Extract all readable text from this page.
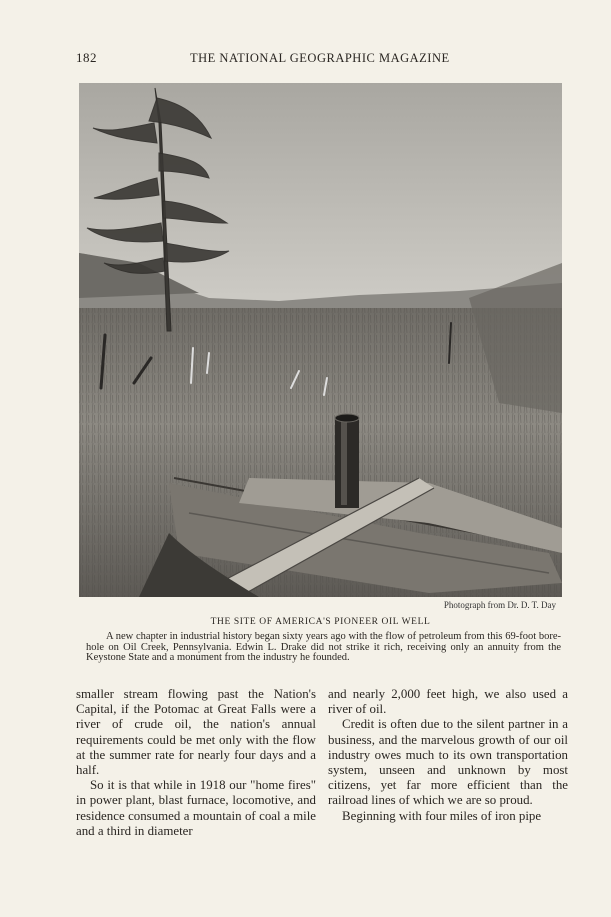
182	THE NATIONAL GEOGRAPHIC MAGAZINE
Photograph from Dr. D. T. Day
THE SITE OF AMERICA'S PIONEER OIL WELL
A new chapter in industrial history began sixty years ago with the flow of petroleum from this 69-foot bore-hole on Oil Creek, Pennsylvania. Edwin L. Drake did not strike it rich, receiving only an annuity from the Keystone State and a monument from the industry he founded.

smaller stream flowing past the Nation's Capital, if the Potomac at Great Falls were a river of crude oil, the nation's annual requirements could be met only with the flow at the summer rate for nearly four days and a half.

So it is that while in 1918 our "home fires" in power plant, blast furnace, locomotive, and residence consumed a mountain of coal a mile and a third in diameter

and nearly 2,000 feet high, we also used a river of oil.

Credit is often due to the silent partner in a business, and the marvelous growth of our oil industry owes much to its own transportation system, unseen and unknown by most citizens, yet far more efficient than the railroad lines of which we are so proud.

Beginning with four miles of iron pipe
